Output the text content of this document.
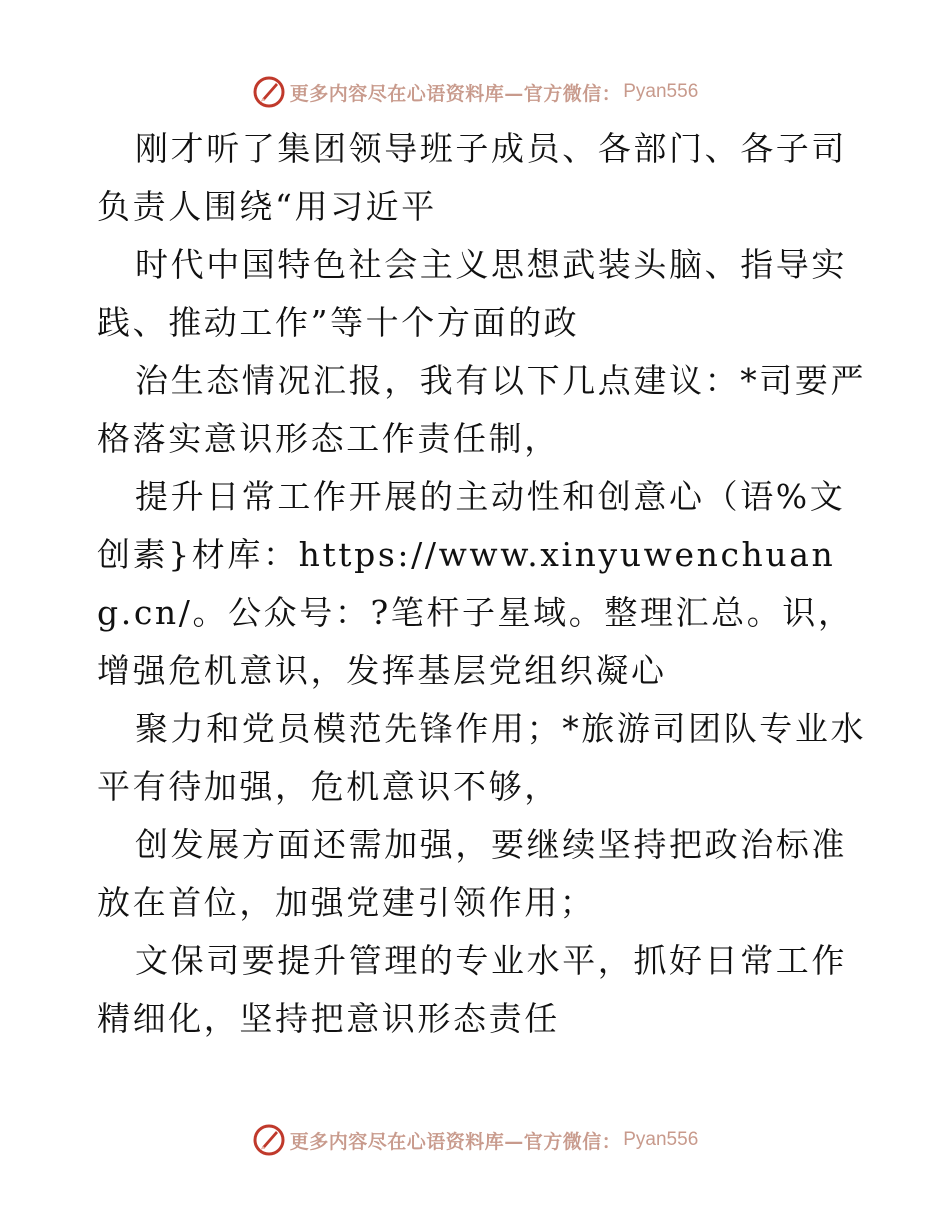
更多内容尽在心语资料库—官方微信： Pyan556

刚才听了集团领导班子成员、各部门、各子司负责人围绕“用习近平

时代中国特色社会主义思想武装头脑、指导实践、推动工作”等十个方面的政

治生态情况汇报，我有以下几点建议：*司要严格落实意识形态工作责任制，

提升日常工作开展的主动性和创意心（语%文创素}材库：https://www.xinyuwenchuang.cn/。公众号：?笔杆子星域。整理汇总。识，增强危机意识，发挥基层党组织凝心

聚力和党员模范先锋作用；*旅游司团队专业水平有待加强，危机意识不够，

创发展方面还需加强，要继续坚持把政治标准放在首位，加强党建引领作用；

文保司要提升管理的专业水平，抓好日常工作精细化，坚持把意识形态责任

更多内容尽在心语资料库—官方微信： Pyan556
